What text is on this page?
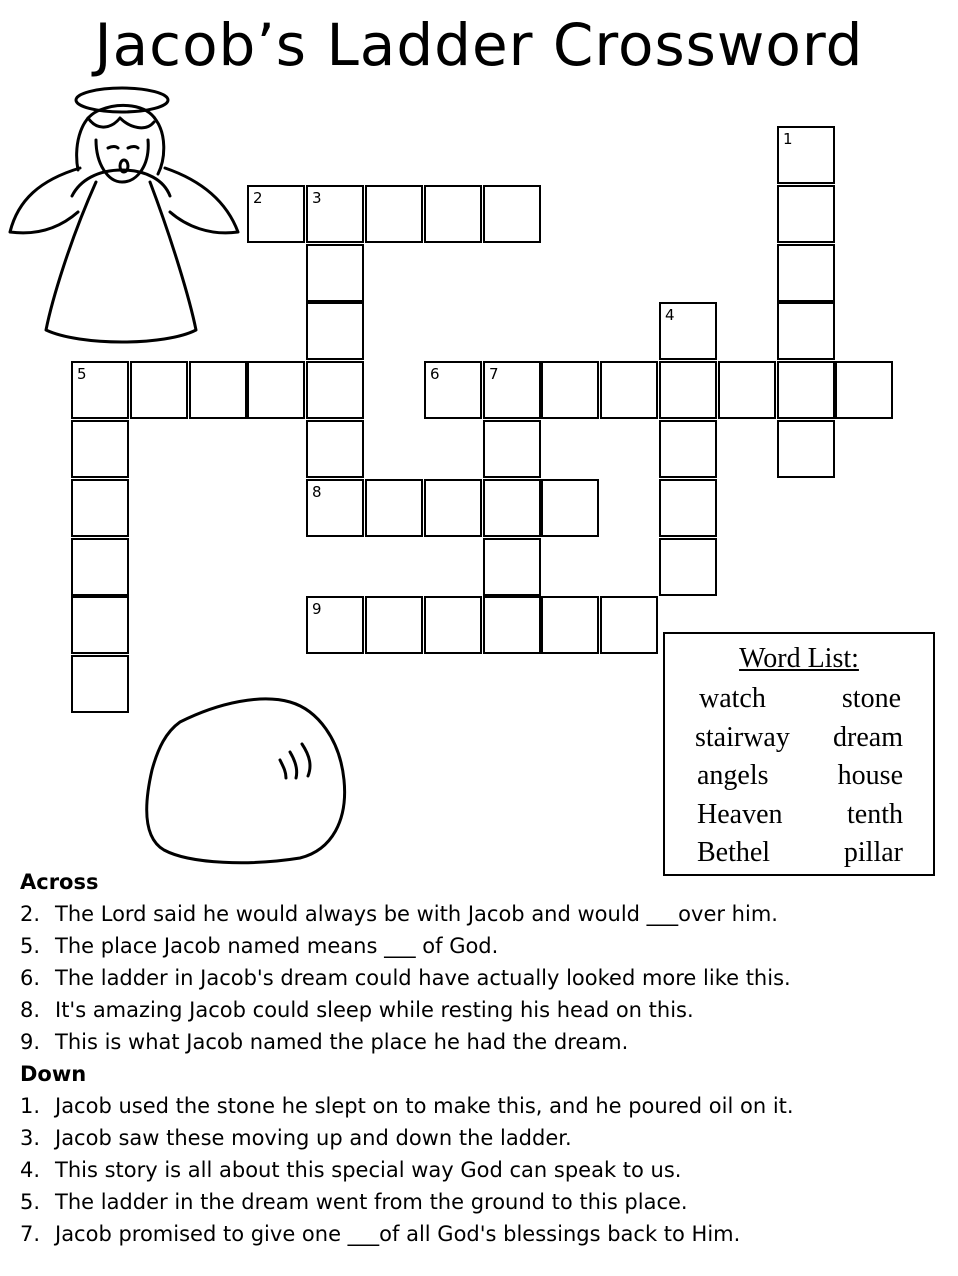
Jacob’s Ladder Crossword
1
2	3
4
5	6	7
8
9
Word List:
watch	stone
stairway dream
angels house
Heaven tenth
Bethel	pillar
Across
2. The Lord said he would always be with Jacob and would ___over him.
5. The place Jacob named means ___ of God.
6. The ladder in Jacob's dream could have actually looked more like this.
8. It's amazing Jacob could sleep while resting his head on this.
9. This is what Jacob named the place he had the dream.
Down
1. Jacob used the stone he slept on to make this, and he poured oil on it.
3. Jacob saw these moving up and down the ladder.
4. This story is all about this special way God can speak to us.
5. The ladder in the dream went from the ground to this place.
7. Jacob promised to give one ___of all God's blessings back to Him.
